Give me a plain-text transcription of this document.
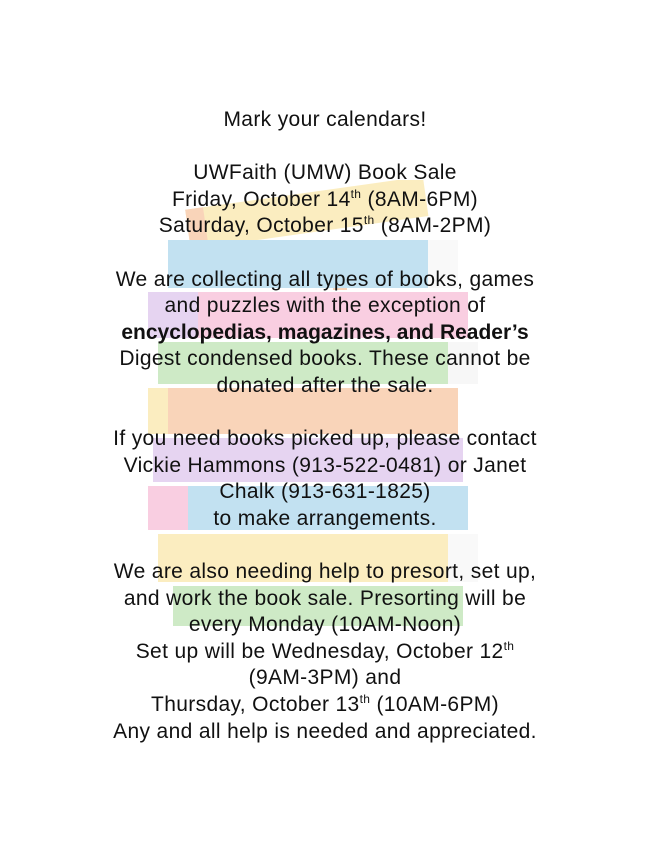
Mark your calendars!

UWFaith (UMW) Book Sale

Friday, October 14th (8AM-6PM)

Saturday, October 15th (8AM-2PM)

We are collecting all types of books, games

and puzzles with the exception of

encyclopedias, magazines, and Reader’s

Digest condensed books. These cannot be

donated after the sale.

If you need books picked up, please contact

Vickie Hammons (913-522-0481) or Janet

Chalk (913-631-1825)

to make arrangements.

We are also needing help to presort, set up,

and work the book sale. Presorting will be

every Monday (10AM-Noon)

Set up will be Wednesday, October 12th

(9AM-3PM) and

Thursday, October 13th (10AM-6PM)

Any and all help is needed and appreciated.
